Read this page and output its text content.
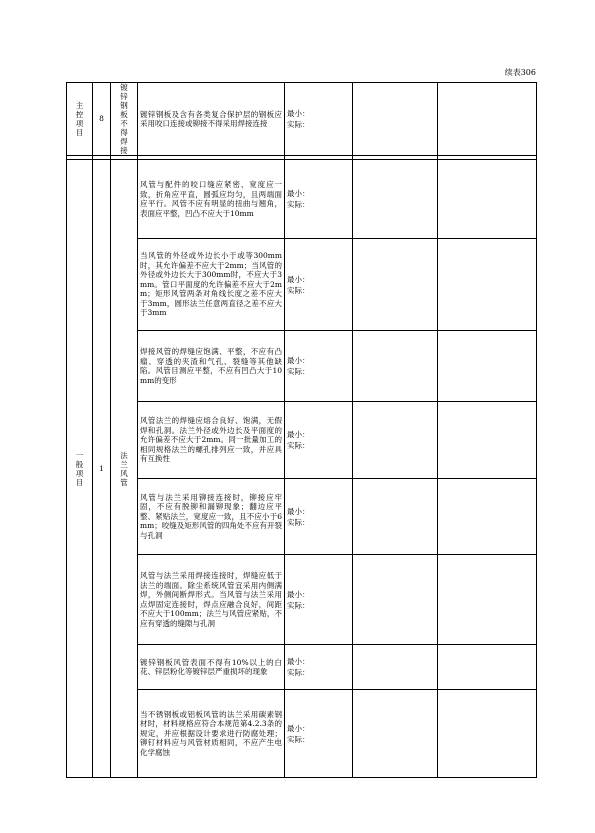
续表306
主控项目	8	镀锌钢板不得焊接	镀锌钢板及含有各类复合保护层的钢板应采用咬口连接或铆接不得采用焊接连接	最小：
实际：		

一般项目	1	法兰风管	风管与配件的咬口缝应紧密、宽度应一致，折角应平直，圆弧应均匀，且两端面应平行。风管不应有明显的扭曲与翘角，表面应平整，凹凸不应大于10mm	最小：
实际：		

			当风管的外径或外边长小于或等300mm时，其允许偏差不应大于2mm；当风管的外径或外边长大于300mm时，不应大于3mm。管口平面度的允许偏差不应大于2mm；矩形风管两条对角线长度之差不应大于3mm，圆形法兰任意两直径之差不应大于3mm	最小：
实际：		

			焊接风管的焊缝应饱满、平整，不应有凸瘤、穿透的夹渣和气孔、裂缝等其他缺陷。风管目测应平整，不应有凹凸大于10mm的变形	最小：
实际：		

			风管法兰的焊缝应熔合良好、饱满，无假焊和孔洞。法兰外径或外边长及平面度的允许偏差不应大于2mm。同一批量加工的相同规格法兰的螺孔排列应一致，并应具有互换性	最小：
实际：		

			风管与法兰采用铆接连接时，铆接应牢固，不应有脱铆和漏铆现象；翻边应平整、紧贴法兰，宽度应一致，且不应小于6mm；咬缝及矩形风管的四角处不应有开裂与孔洞	最小：
实际：		

			风管与法兰采用焊接连接时，焊缝应低于法兰的端面。除尘系统风管宜采用内侧满焊，外侧间断焊形式。当风管与法兰采用点焊固定连接时，焊点应融合良好，间距不应大于100mm；法兰与风管应紧贴，不应有穿透的缝隙与孔洞	最小：
实际：		

			镀锌钢板风管表面不得有10%以上的白花、锌层粉化等镀锌层严重损坏的现象	最小：
实际：		

			当不锈钢板或铝板风管的法兰采用碳素钢材时，材料规格应符合本规范第4.2.3条的规定，并应根据设计要求进行防腐处理；铆钉材料应与风管材质相同，不应产生电化学腐蚀	最小：
实际：		
